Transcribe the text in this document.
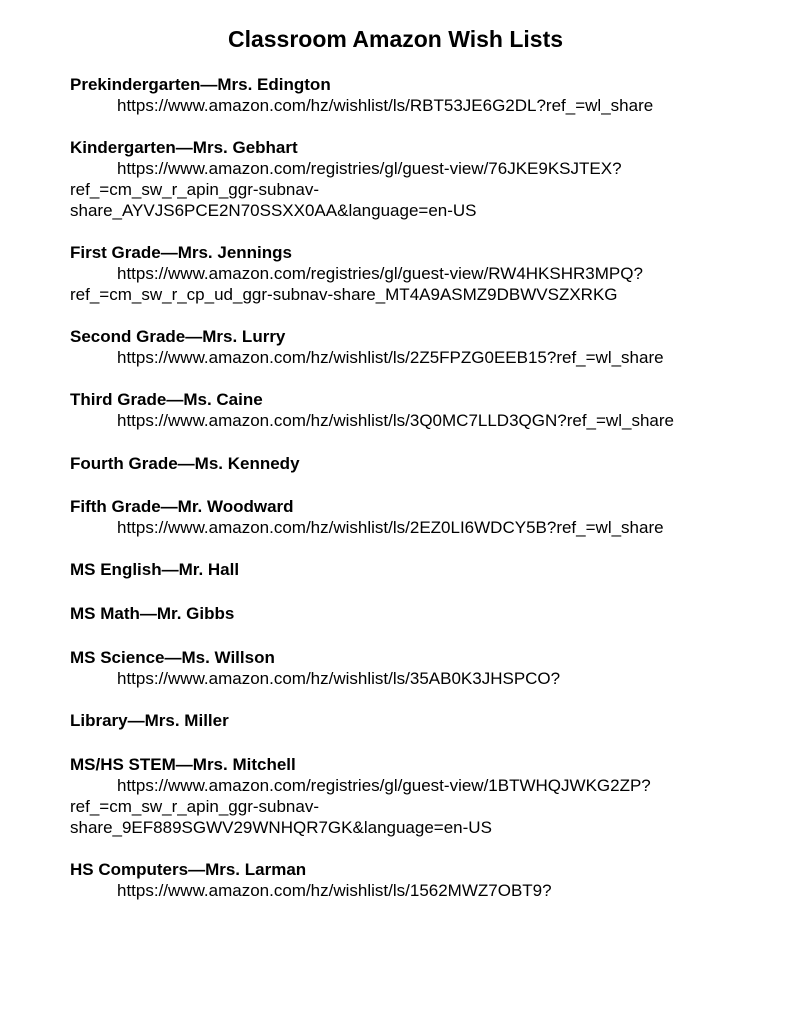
Classroom Amazon Wish Lists

Prekindergarten—Mrs. Edington

https://www.amazon.com/hz/wishlist/ls/RBT53JE6G2DL?ref_=wl_share

Kindergarten—Mrs. Gebhart

https://www.amazon.com/registries/gl/guest-view/76JKE9KSJTEX?
ref_=cm_sw_r_apin_ggr-subnav-
share_AYVJS6PCE2N70SSXX0AA&language=en-US

First Grade—Mrs. Jennings

https://www.amazon.com/registries/gl/guest-view/RW4HKSHR3MPQ?
ref_=cm_sw_r_cp_ud_ggr-subnav-share_MT4A9ASMZ9DBWVSZXRKG

Second Grade—Mrs. Lurry

https://www.amazon.com/hz/wishlist/ls/2Z5FPZG0EEB15?ref_=wl_share

Third Grade—Ms. Caine

https://www.amazon.com/hz/wishlist/ls/3Q0MC7LLD3QGN?ref_=wl_share

Fourth Grade—Ms. Kennedy

Fifth Grade—Mr. Woodward

https://www.amazon.com/hz/wishlist/ls/2EZ0LI6WDCY5B?ref_=wl_share

MS English—Mr. Hall

MS Math—Mr. Gibbs

MS Science—Ms. Willson

https://www.amazon.com/hz/wishlist/ls/35AB0K3JHSPCO?

Library—Mrs. Miller

MS/HS STEM—Mrs. Mitchell

https://www.amazon.com/registries/gl/guest-view/1BTWHQJWKG2ZP?
ref_=cm_sw_r_apin_ggr-subnav-
share_9EF889SGWV29WNHQR7GK&language=en-US

HS Computers—Mrs. Larman

https://www.amazon.com/hz/wishlist/ls/1562MWZ7OBT9?
